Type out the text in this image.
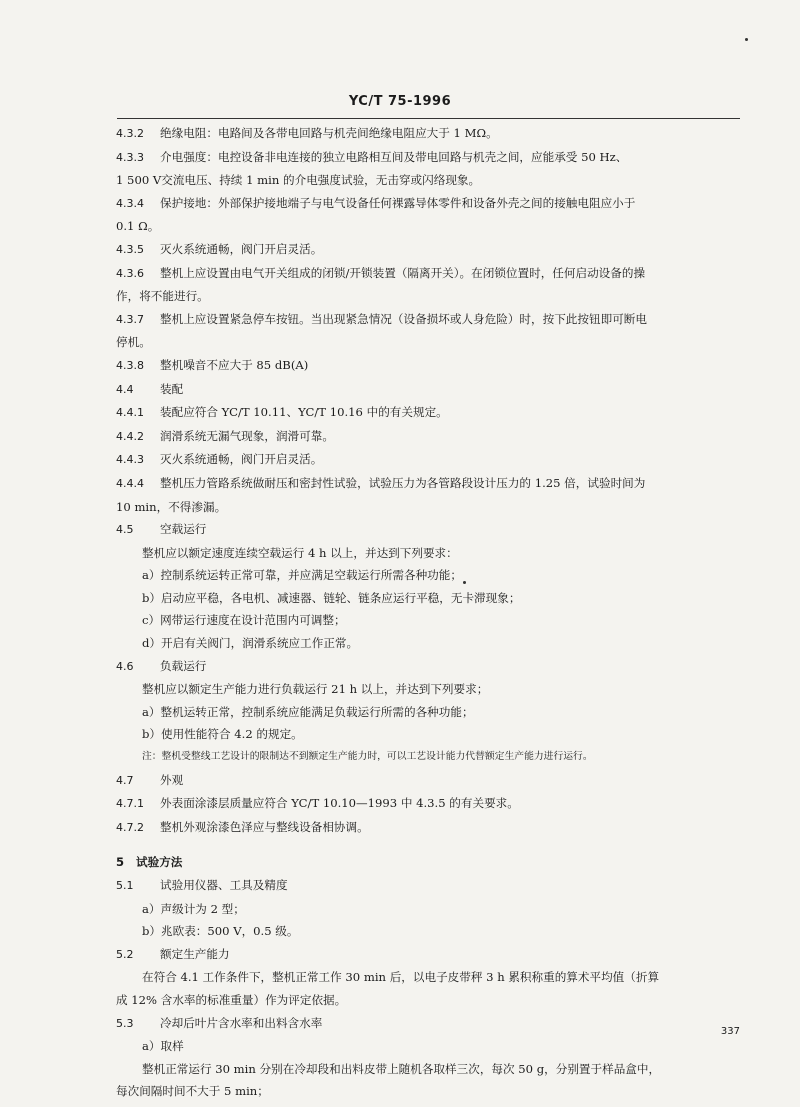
YC/T 75-1996
4.3.2 绝缘电阻：电路间及各带电回路与机壳间绝缘电阻应大于 1 MΩ。
4.3.3 介电强度：电控设备非电连接的独立电路相互间及带电回路与机壳之间，应能承受 50 Hz、
1 500 V交流电压、持续 1 min 的介电强度试验，无击穿或闪络现象。
4.3.4 保护接地：外部保护接地端子与电气设备任何裸露导体零件和设备外壳之间的接触电阻应小于
0.1 Ω。
4.3.5 灭火系统通畅，阀门开启灵活。
4.3.6 整机上应设置由电气开关组成的闭锁/开锁装置（隔离开关）。在闭锁位置时，任何启动设备的操
作，将不能进行。
4.3.7 整机上应设置紧急停车按钮。当出现紧急情况（设备损坏或人身危险）时，按下此按钮即可断电
停机。
4.3.8 整机噪音不应大于 85 dB(A)
4.4 装配
4.4.1 装配应符合 YC/T 10.11、YC/T 10.16 中的有关规定。
4.4.2 润滑系统无漏气现象，润滑可靠。
4.4.3 灭火系统通畅，阀门开启灵活。
4.4.4 整机压力管路系统做耐压和密封性试验，试验压力为各管路段设计压力的 1.25 倍，试验时间为
10 min，不得渗漏。
4.5 空载运行
整机应以额定速度连续空载运行 4 h 以上，并达到下列要求：
a）控制系统运转正常可靠，并应满足空载运行所需各种功能；
b）启动应平稳，各电机、减速器、链轮、链条应运行平稳，无卡滞现象；
c）网带运行速度在设计范围内可调整；
d）开启有关阀门，润滑系统应工作正常。
4.6 负载运行
整机应以额定生产能力进行负载运行 21 h 以上，并达到下列要求；
a）整机运转正常，控制系统应能满足负载运行所需的各种功能；
b）使用性能符合 4.2 的规定。
注：整机受整线工艺设计的限制达不到额定生产能力时，可以工艺设计能力代替额定生产能力进行运行。
4.7 外观
4.7.1 外表面涂漆层质量应符合 YC/T 10.10—1993 中 4.3.5 的有关要求。
4.7.2 整机外观涂漆色泽应与整线设备相协调。
5 试验方法
5.1 试验用仪器、工具及精度
a）声级计为 2 型；
b）兆欧表：500 V，0.5 级。
5.2 额定生产能力
在符合 4.1 工作条件下，整机正常工作 30 min 后，以电子皮带秤 3 h 累积称重的算术平均值（折算
成 12% 含水率的标准重量）作为评定依据。
5.3 冷却后叶片含水率和出料含水率
a）取样
整机正常运行 30 min 分别在冷却段和出料皮带上随机各取样三次，每次 50 g，分别置于样品盒中，
每次间隔时间不大于 5 min；
337
